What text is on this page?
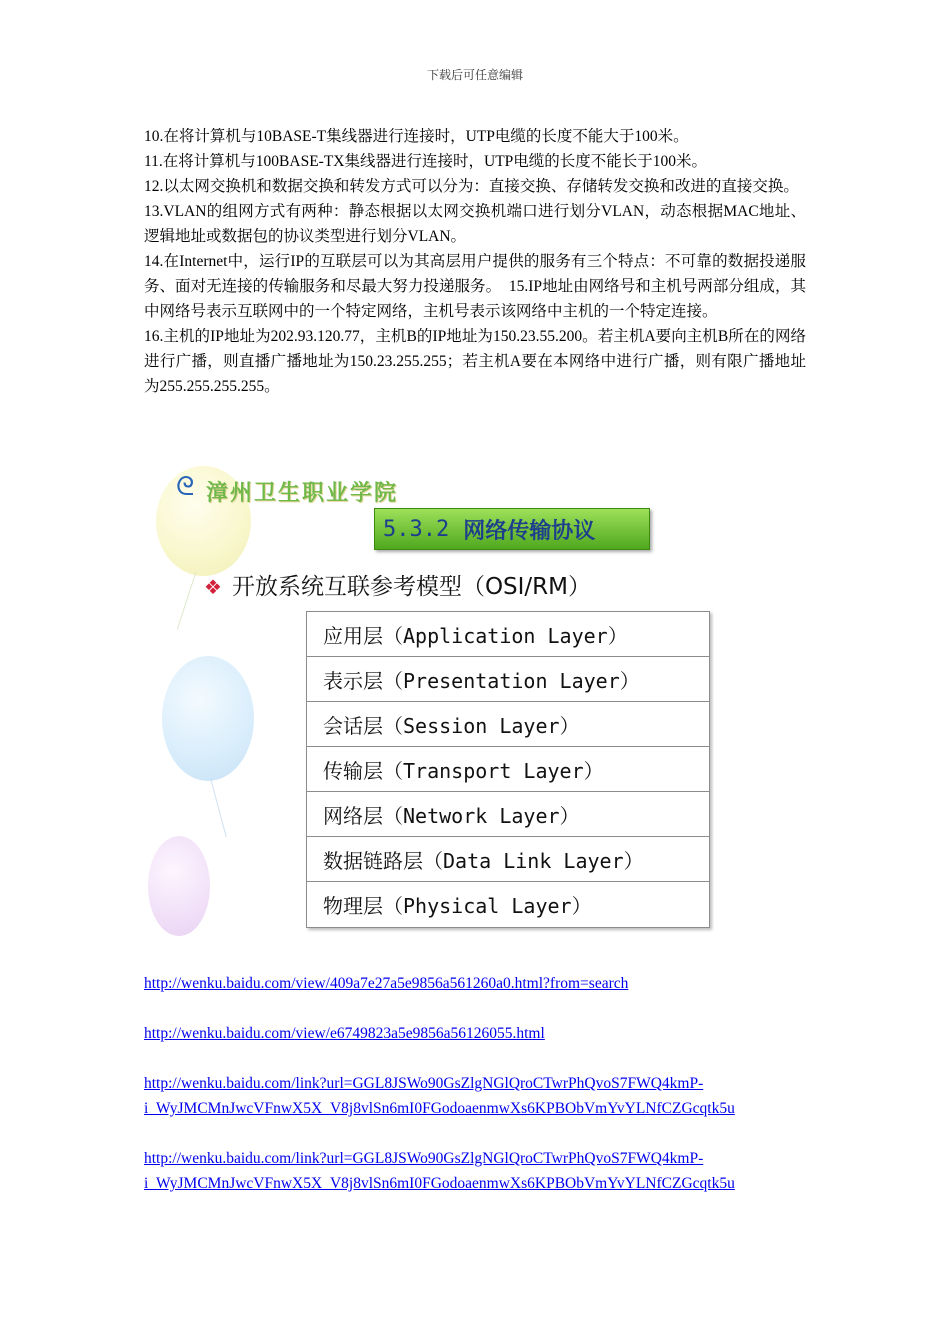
下载后可任意编辑

10.在将计算机与10BASE-T集线器进行连接时，UTP电缆的长度不能大于100米。

11.在将计算机与100BASE-TX集线器进行连接时，UTP电缆的长度不能长于100米。

12.以太网交换机和数据交换和转发方式可以分为：直接交换、存储转发交换和改进的直接交换。

13.VLAN的组网方式有两种：静态根据以太网交换机端口进行划分VLAN，动态根据MAC地址、逻辑地址或数据包的协议类型进行划分VLAN。

14.在Internet中，运行IP的互联层可以为其高层用户提供的服务有三个特点：不可靠的数据投递服务、面对无连接的传输服务和尽最大努力投递服务。　15.IP地址由网络号和主机号两部分组成，其中网络号表示互联网中的一个特定网络，主机号表示该网络中主机的一个特定连接。

16.主机的IP地址为202.93.120.77，主机B的IP地址为150.23.55.200。若主机A要向主机B所在的网络进行广播，则直播广播地址为150.23.255.255；若主机A要在本网络中进行广播，则有限广播地址为255.255.255.255。

ᘓ 漳州卫生职业学院
5.3.2 网络传输协议
❖ 开放系统互联参考模型（OSI/RM）
应用层（Application Layer）
表示层（Presentation Layer）
会话层（Session Layer）
传输层（Transport Layer）
网络层（Network Layer）
数据链路层（Data Link Layer）
物理层（Physical Layer）
http://wenku.baidu.com/view/409a7e27a5e9856a561260a0.html?from=search
http://wenku.baidu.com/view/e6749823a5e9856a56126055.html
http://wenku.baidu.com/link?url=GGL8JSWo90GsZlgNGlQroCTwrPhQvoS7FWQ4kmP-
i_WyJMCMnJwcVFnwX5X_V8j8vlSn6mI0FGodoaenmwXs6KPBObVmYvYLNfCZGcqtk5u
http://wenku.baidu.com/link?url=GGL8JSWo90GsZlgNGlQroCTwrPhQvoS7FWQ4kmP-
i_WyJMCMnJwcVFnwX5X_V8j8vlSn6mI0FGodoaenmwXs6KPBObVmYvYLNfCZGcqtk5u
